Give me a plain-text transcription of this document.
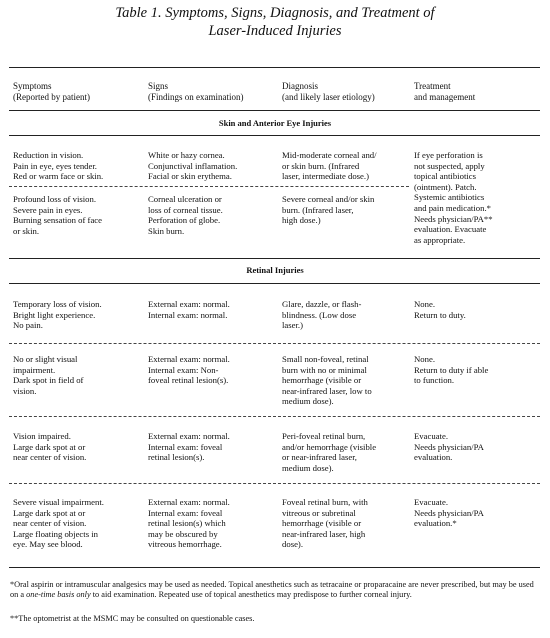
Table 1. Symptoms, Signs, Diagnosis, and Treatment of
Laser-Induced Injuries
Symptoms
(Reported by patient)
Signs
(Findings on examination)
Diagnosis
(and likely laser etiology)
Treatment
and management
Skin and Anterior Eye Injuries
Reduction in vision.
Pain in eye, eyes tender.
Red or warm face or skin.
White or hazy cornea.
Conjunctival inflamation.
Facial or skin erythema.
Mid-moderate corneal and/
or skin burn. (Infrared
laser, intermediate dose.)
If eye perforation is
not suspected, apply
topical antibiotics
(ointment). Patch.
Systemic antibiotics
and pain medication.*
Needs physician/PA**
evaluation. Evacuate
as appropriate.
Profound loss of vision.
Severe pain in eyes.
Burning sensation of face
or skin.
Corneal ulceration or
loss of corneal tissue.
Perforation of globe.
Skin burn.
Severe corneal and/or skin
burn. (Infrared laser,
high dose.)
Retinal Injuries
Temporary loss of vision.
Bright light experience.
No pain.
External exam: normal.
Internal exam: normal.
Glare, dazzle, or flash-
blindness. (Low dose
laser.)
None.
Return to duty.
No or slight visual
impairment.
Dark spot in field of
vision.
External exam: normal.
Internal exam: Non-
foveal retinal lesion(s).
Small non-foveal, retinal
burn with no or minimal
hemorrhage (visible or
near-infrared laser, low to
medium dose).
None.
Return to duty if able
to function.
Vision impaired.
Large dark spot at or
near center of vision.
External exam: normal.
Internal exam: foveal
retinal lesion(s).
Peri-foveal retinal burn,
and/or hemorrhage (visible
or near-infrared laser,
medium dose).
Evacuate.
Needs physician/PA
evaluation.
Severe visual impairment.
Large dark spot at or
near center of vision.
Large floating objects in
eye. May see blood.
External exam: normal.
Internal exam: foveal
retinal lesion(s) which
may be obscured by
vitreous hemorrhage.
Foveal retinal burn, with
vitreous or subretinal
hemorrhage (visible or
near-infrared laser, high
dose).
Evacuate.
Needs physician/PA
evaluation.*
*Oral aspirin or intramuscular analgesics may be used as needed. Topical anesthetics such as tetracaine or proparacaine are never prescribed, but may be used on a one-time basis only to aid examination. Repeated use of topical anesthetics may predispose to further corneal injury.
**The optometrist at the MSMC may be consulted on questionable cases.
